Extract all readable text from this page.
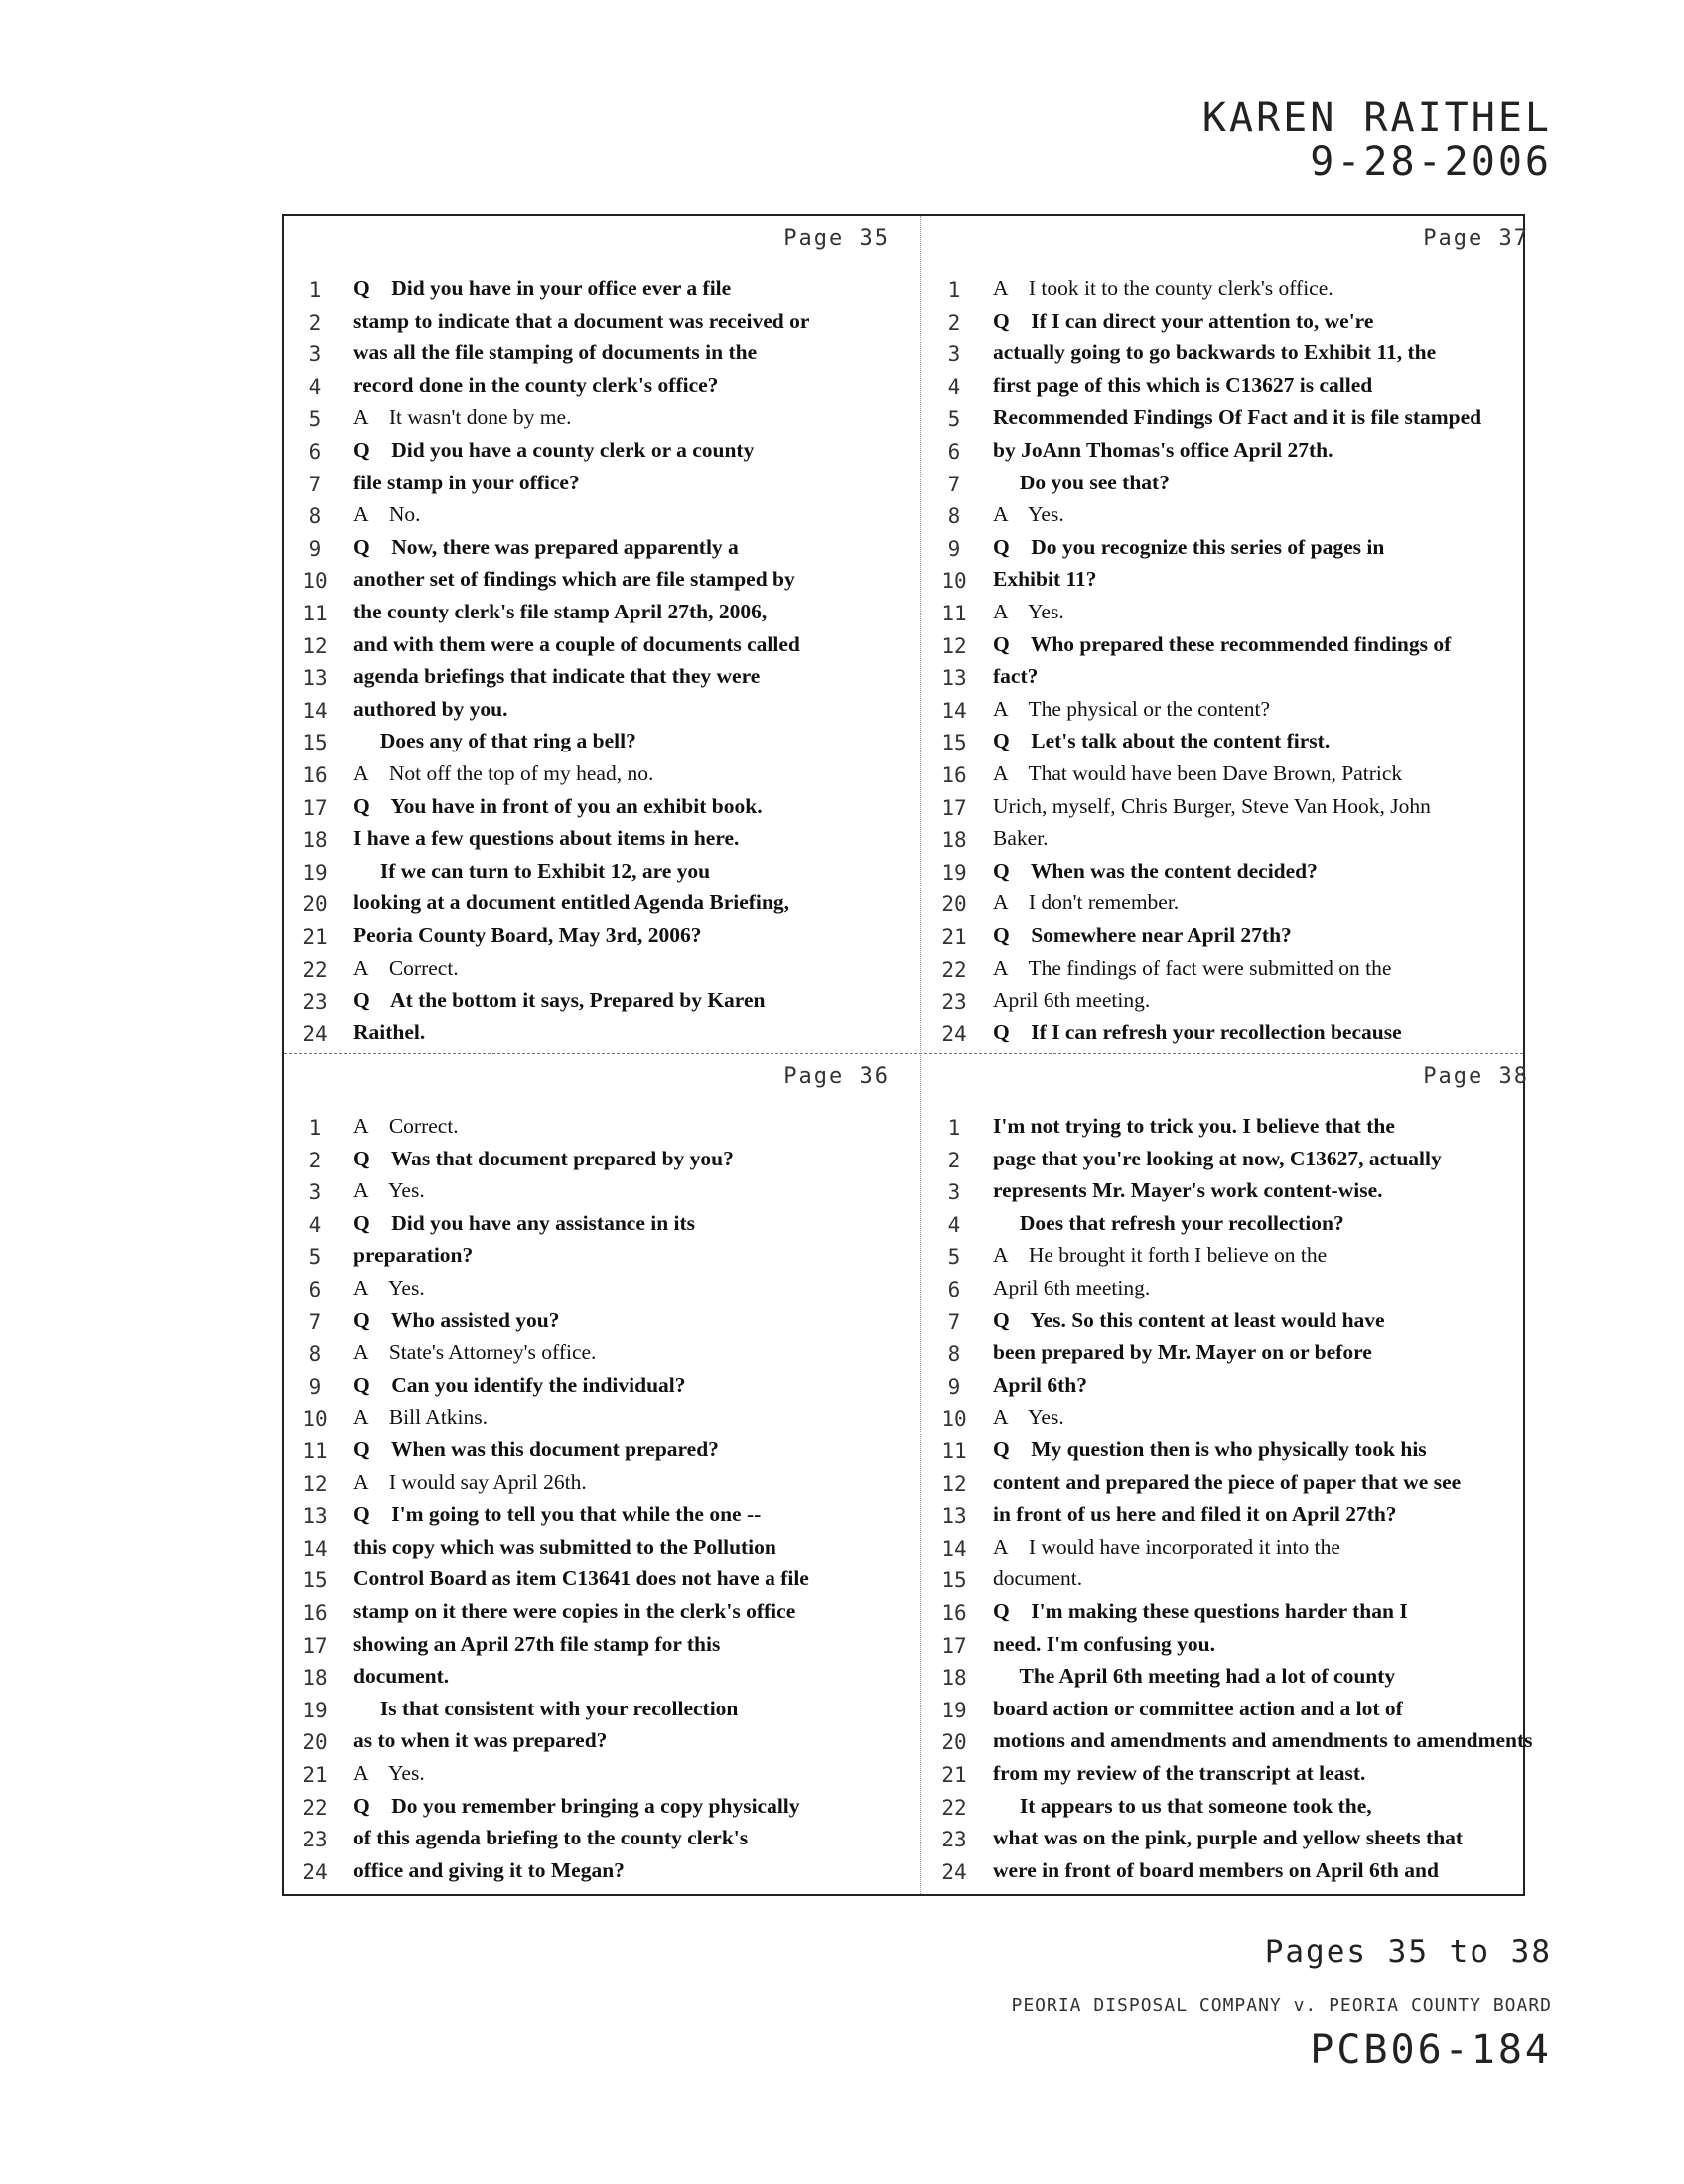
KAREN RAITHEL
9-28-2006
Page 35
1	Q    Did you have in your office ever a file
2	stamp to indicate that a document was received or
3	was all the file stamping of documents in the
4	record done in the county clerk's office?
5	A    It wasn't done by me.
6	Q    Did you have a county clerk or a county
7	file stamp in your office?
8	A    No.
9	Q    Now, there was prepared apparently a
10	another set of findings which are file stamped by
11	the county clerk's file stamp April 27th, 2006,
12	and with them were a couple of documents called
13	agenda briefings that indicate that they were
14	authored by you.
15	Does any of that ring a bell?
16	A    Not off the top of my head, no.
17	Q    You have in front of you an exhibit book.
18	I have a few questions about items in here.
19	If we can turn to Exhibit 12, are you
20	looking at a document entitled Agenda Briefing,
21	Peoria County Board, May 3rd, 2006?
22	A    Correct.
23	Q    At the bottom it says, Prepared by Karen
24	Raithel.
Page 37
1	A    I took it to the county clerk's office.
2	Q    If I can direct your attention to, we're
3	actually going to go backwards to Exhibit 11, the
4	first page of this which is C13627 is called
5	Recommended Findings Of Fact and it is file stamped
6	by JoAnn Thomas's office April 27th.
7	Do you see that?
8	A    Yes.
9	Q    Do you recognize this series of pages in
10	Exhibit 11?
11	A    Yes.
12	Q    Who prepared these recommended findings of
13	fact?
14	A    The physical or the content?
15	Q    Let's talk about the content first.
16	A    That would have been Dave Brown, Patrick
17	Urich, myself, Chris Burger, Steve Van Hook, John
18	Baker.
19	Q    When was the content decided?
20	A    I don't remember.
21	Q    Somewhere near April 27th?
22	A    The findings of fact were submitted on the
23	April 6th meeting.
24	Q    If I can refresh your recollection because
Page 36
1	A    Correct.
2	Q    Was that document prepared by you?
3	A    Yes.
4	Q    Did you have any assistance in its
5	preparation?
6	A    Yes.
7	Q    Who assisted you?
8	A    State's Attorney's office.
9	Q    Can you identify the individual?
10	A    Bill Atkins.
11	Q    When was this document prepared?
12	A    I would say April 26th.
13	Q    I'm going to tell you that while the one --
14	this copy which was submitted to the Pollution
15	Control Board as item C13641 does not have a file
16	stamp on it there were copies in the clerk's office
17	showing an April 27th file stamp for this
18	document.
19	Is that consistent with your recollection
20	as to when it was prepared?
21	A    Yes.
22	Q    Do you remember bringing a copy physically
23	of this agenda briefing to the county clerk's
24	office and giving it to Megan?
Page 38
1	I'm not trying to trick you. I believe that the
2	page that you're looking at now, C13627, actually
3	represents Mr. Mayer's work content-wise.
4	Does that refresh your recollection?
5	A    He brought it forth I believe on the
6	April 6th meeting.
7	Q    Yes. So this content at least would have
8	been prepared by Mr. Mayer on or before
9	April 6th?
10	A    Yes.
11	Q    My question then is who physically took his
12	content and prepared the piece of paper that we see
13	in front of us here and filed it on April 27th?
14	A    I would have incorporated it into the
15	document.
16	Q    I'm making these questions harder than I
17	need. I'm confusing you.
18	The April 6th meeting had a lot of county
19	board action or committee action and a lot of
20	motions and amendments and amendments to amendments
21	from my review of the transcript at least.
22	It appears to us that someone took the,
23	what was on the pink, purple and yellow sheets that
24	were in front of board members on April 6th and
Pages 35 to 38
PEORIA DISPOSAL COMPANY v. PEORIA COUNTY BOARD
PCB06-184
